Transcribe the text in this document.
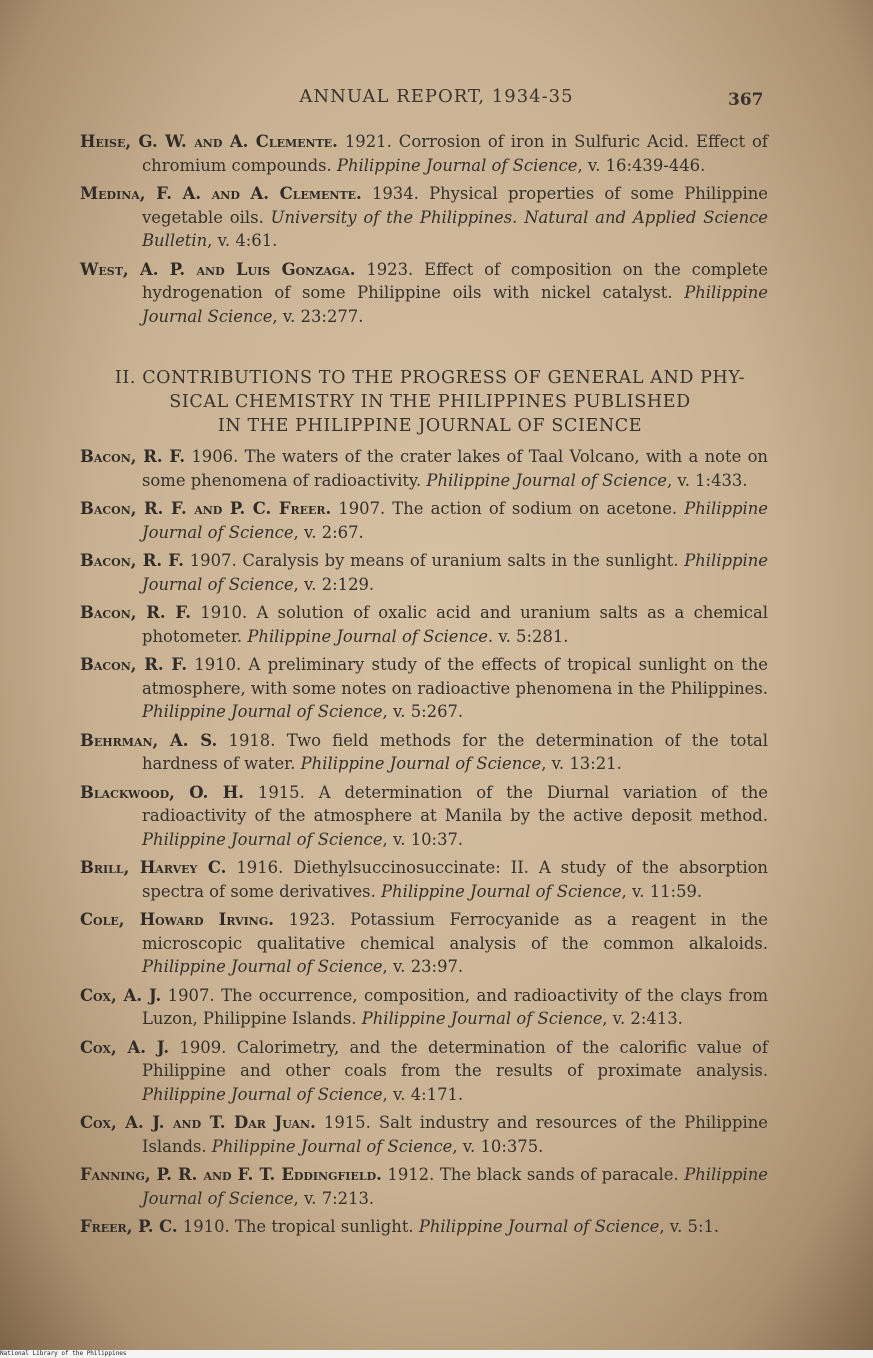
ANNUAL REPORT, 1934-35	367
Heise, G. W. and A. Clemente. 1921. Corrosion of iron in Sulfuric Acid. Effect of chromium compounds. Philippine Journal of Science, v. 16:439-446.
Medina, F. A. and A. Clemente. 1934. Physical properties of some Philippine vegetable oils. University of the Philippines. Natural and Applied Science Bulletin, v. 4:61.
West, A. P. and Luis Gonzaga. 1923. Effect of composition on the complete hydrogenation of some Philippine oils with nickel catalyst. Philippine Journal Science, v. 23:277.
II. CONTRIBUTIONS TO THE PROGRESS OF GENERAL AND PHY-
SICAL CHEMISTRY IN THE PHILIPPINES PUBLISHED
IN THE PHILIPPINE JOURNAL OF SCIENCE
Bacon, R. F. 1906. The waters of the crater lakes of Taal Volcano, with a note on some phenomena of radioactivity. Philippine Journal of Science, v. 1:433.
Bacon, R. F. and P. C. Freer. 1907. The action of sodium on acetone. Philippine Journal of Science, v. 2:67.
Bacon, R. F. 1907. Caralysis by means of uranium salts in the sunlight. Philippine Journal of Science, v. 2:129.
Bacon, R. F. 1910. A solution of oxalic acid and uranium salts as a chemical photometer. Philippine Journal of Science. v. 5:281.
Bacon, R. F. 1910. A preliminary study of the effects of tropical sunlight on the atmosphere, with some notes on radioactive phenomena in the Philippines. Philippine Journal of Science, v. 5:267.
Behrman, A. S. 1918. Two field methods for the determination of the total hardness of water. Philippine Journal of Science, v. 13:21.
Blackwood, O. H. 1915. A determination of the Diurnal variation of the radioactivity of the atmosphere at Manila by the active deposit method. Philippine Journal of Science, v. 10:37.
Brill, Harvey C. 1916. Diethylsuccinosuccinate: II. A study of the absorption spectra of some derivatives. Philippine Journal of Science, v. 11:59.
Cole, Howard Irving. 1923. Potassium Ferrocyanide as a reagent in the microscopic qualitative chemical analysis of the common alkaloids. Philippine Journal of Science, v. 23:97.
Cox, A. J. 1907. The occurrence, composition, and radioactivity of the clays from Luzon, Philippine Islands. Philippine Journal of Science, v. 2:413.
Cox, A. J. 1909. Calorimetry, and the determination of the calorific value of Philippine and other coals from the results of proximate analysis. Philippine Journal of Science, v. 4:171.
Cox, A. J. and T. Dar Juan. 1915. Salt industry and resources of the Philippine Islands. Philippine Journal of Science, v. 10:375.
Fanning, P. R. and F. T. Eddingfield. 1912. The black sands of paracale. Philippine Journal of Science, v. 7:213.
Freer, P. C. 1910. The tropical sunlight. Philippine Journal of Science, v. 5:1.
National Library of the Philippines
